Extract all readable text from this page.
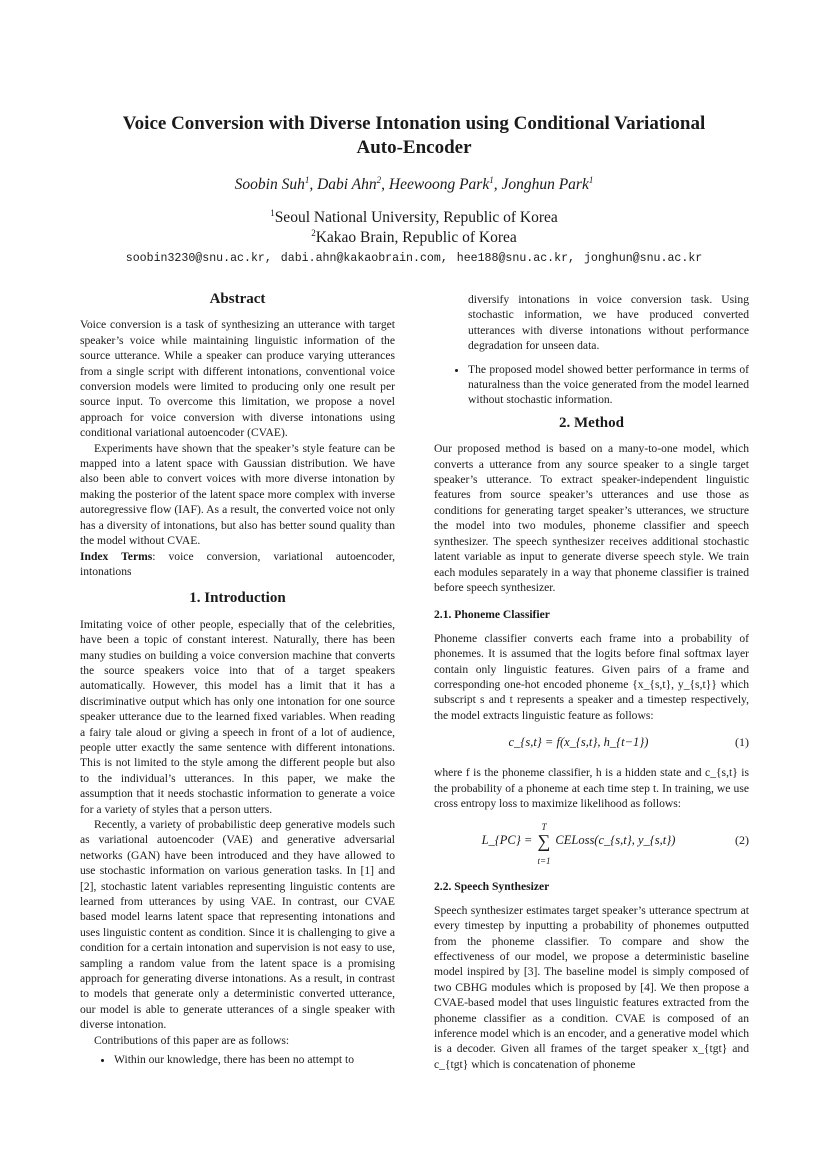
Voice Conversion with Diverse Intonation using Conditional Variational
Auto-Encoder
Soobin Suh$^1$, Dabi Ahn$^2$, Heewoong Park$^1$, Jonghun Park$^1$
$^1$Seoul National University, Republic of Korea
$^2$Kakao Brain, Republic of Korea
soobin3230@snu.ac.kr, dabi.ahn@kakaobrain.com, hee188@snu.ac.kr, jonghun@snu.ac.kr
Abstract

Voice conversion is a task of synthesizing an utterance with target speaker’s voice while maintaining linguistic information of the source utterance. While a speaker can produce varying utterances from a single script with different intonations, conventional voice conversion models were limited to producing only one result per source input. To overcome this limitation, we propose a novel approach for voice conversion with diverse intonations using conditional variational autoencoder (CVAE).

Experiments have shown that the speaker’s style feature can be mapped into a latent space with Gaussian distribution. We have also been able to convert voices with more diverse intonation by making the posterior of the latent space more complex with inverse autoregressive flow (IAF). As a result, the converted voice not only has a diversity of intonations, but also has better sound quality than the model without CVAE.

Index Terms: voice conversion, variational autoencoder, intonations

1. Introduction

Imitating voice of other people, especially that of the celebrities, have been a topic of constant interest. Naturally, there has been many studies on building a voice conversion machine that converts the source speakers voice into that of a target speakers automatically. However, this model has a limit that it has a discriminative output which has only one intonation for one source speaker utterance due to the learned fixed variables. When reading a fairy tale aloud or giving a speech in front of a lot of audience, people utter exactly the same sentence with different intonations. This is not limited to the style among the different people but also to the individual’s utterances. In this paper, we make the assumption that it needs stochastic information to generate a voice for a variety of styles that a person utters.

Recently, a variety of probabilistic deep generative models such as variational autoencoder (VAE) and generative adversarial networks (GAN) have been introduced and they have allowed to use stochastic information on various generation tasks. In [1] and [2], stochastic latent variables representing linguistic contents are learned from utterances by using VAE. In contrast, our CVAE based model learns latent space that representing intonations and uses linguistic content as condition. Since it is challenging to give a condition for a certain intonation and supervision is not easy to use, sampling a random value from the latent space is a promising approach for generating diverse intonations. As a result, in contrast to models that generate only a deterministic converted utterance, our model is able to generate utterances of a single speaker with diverse intonation.

Contributions of this paper are as follows:

• Within our knowledge, there has been no attempt to
diversify intonations in voice conversion task. Using stochastic information, we have produced converted utterances with diverse intonations without performance degradation for unseen data.
• The proposed model showed better performance in terms of naturalness than the voice generated from the model learned without stochastic information.
2. Method

Our proposed method is based on a many-to-one model, which converts a utterance from any source speaker to a single target speaker’s utterance. To extract speaker-independent linguistic features from source speaker’s utterances and use those as conditions for generating target speaker’s utterances, we structure the model into two modules, phoneme classifier and speech synthesizer. The speech synthesizer receives additional stochastic latent variable as input to generate diverse speech style. We train each modules separately in a way that phoneme classifier is trained before speech synthesizer.

2.1. Phoneme Classifier

Phoneme classifier converts each frame into a probability of phonemes. It is assumed that the logits before final softmax layer contain only linguistic features. Given pairs of a frame and corresponding one-hot encoded phoneme {x_{s,t}, y_{s,t}} which subscript s and t represents a speaker and a timestep respectively, the model extracts linguistic feature as follows:

c_{s,t} = f(x_{s,t}, h_{t−1})	(1)

where f is the phoneme classifier, h is a hidden state and c_{s,t} is the probability of a phoneme at each time step t. In training, we use cross entropy loss to maximize likelihood as follows:

L_{PC} = ∑
T
t=1
CELoss(c_{s,t}, y_{s,t})	(2)
2.2. Speech Synthesizer

Speech synthesizer estimates target speaker’s utterance spectrum at every timestep by inputting a probability of phonemes outputted from the phoneme classifier. To compare and show the effectiveness of our model, we propose a deterministic baseline model inspired by [3]. The baseline model is simply composed of two CBHG modules which is proposed by [4]. We then propose a CVAE-based model that uses linguistic features extracted from the phoneme classifier as a condition. CVAE is composed of an inference model which is an encoder, and a generative model which is a decoder. Given all frames of the target speaker x_{tgt} and c_{tgt} which is concatenation of phoneme
